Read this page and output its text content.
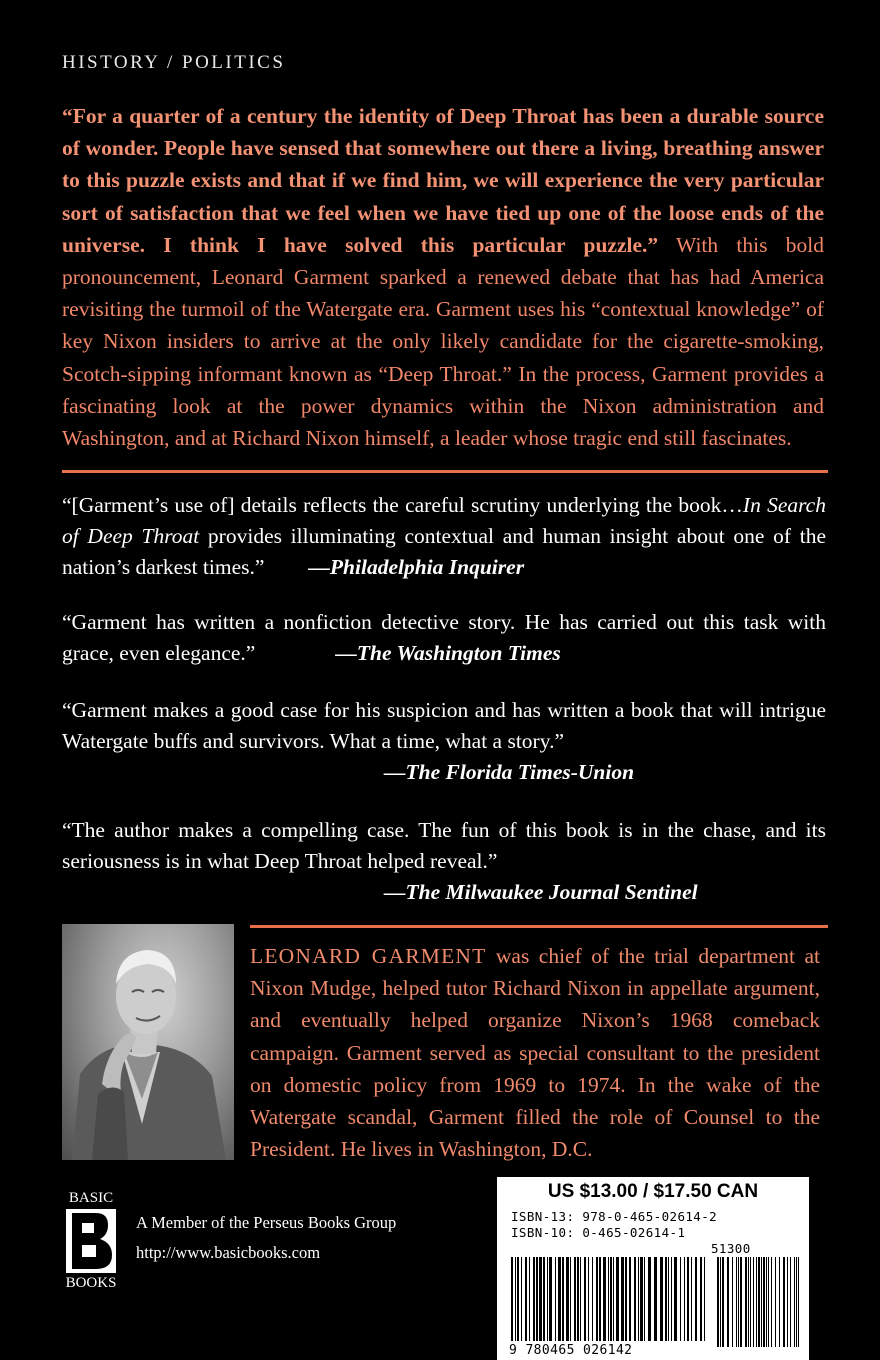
HISTORY / POLITICS
“For a quarter of a century the identity of Deep Throat has been a durable source of wonder. People have sensed that somewhere out there a living, breathing answer to this puzzle exists and that if we find him, we will experience the very particular sort of satisfaction that we feel when we have tied up one of the loose ends of the universe. I think I have solved this particular puzzle.” With this bold pronouncement, Leonard Garment sparked a renewed debate that has had America revisiting the turmoil of the Watergate era. Garment uses his “contextual knowledge” of key Nixon insiders to arrive at the only likely candidate for the cigarette-smoking, Scotch-sipping informant known as “Deep Throat.” In the process, Garment provides a fascinating look at the power dynamics within the Nixon administration and Washington, and at Richard Nixon himself, a leader whose tragic end still fascinates.
“[Garment’s use of] details reflects the careful scrutiny underlying the book…In Search of Deep Throat provides illuminating contextual and human insight about one of the nation’s darkest times.” —Philadelphia Inquirer
“Garment has written a nonfiction detective story. He has carried out this task with grace, even elegance.”	—The Washington Times
“Garment makes a good case for his suspicion and has written a book that will intrigue Watergate buffs and survivors. What a time, what a story.”
—The Florida Times-Union
“The author makes a compelling case. The fun of this book is in the chase, and its seriousness is in what Deep Throat helped reveal.”
—The Milwaukee Journal Sentinel
LEONARD GARMENT was chief of the trial department at Nixon Mudge, helped tutor Richard Nixon in appellate argument, and eventually helped organize Nixon’s 1968 comeback campaign. Garment served as special consultant to the president on domestic policy from 1969 to 1974. In the wake of the Watergate scandal, Garment filled the role of Counsel to the President. He lives in Washington, D.C.
BASIC
BOOKS
A Member of the Perseus Books Group
http://www.basicbooks.com
US $13.00 / $17.50 CAN
ISBN-13: 978-0-465-02614-2
ISBN-10: 0-465-02614-1
51300
9 780465 026142
